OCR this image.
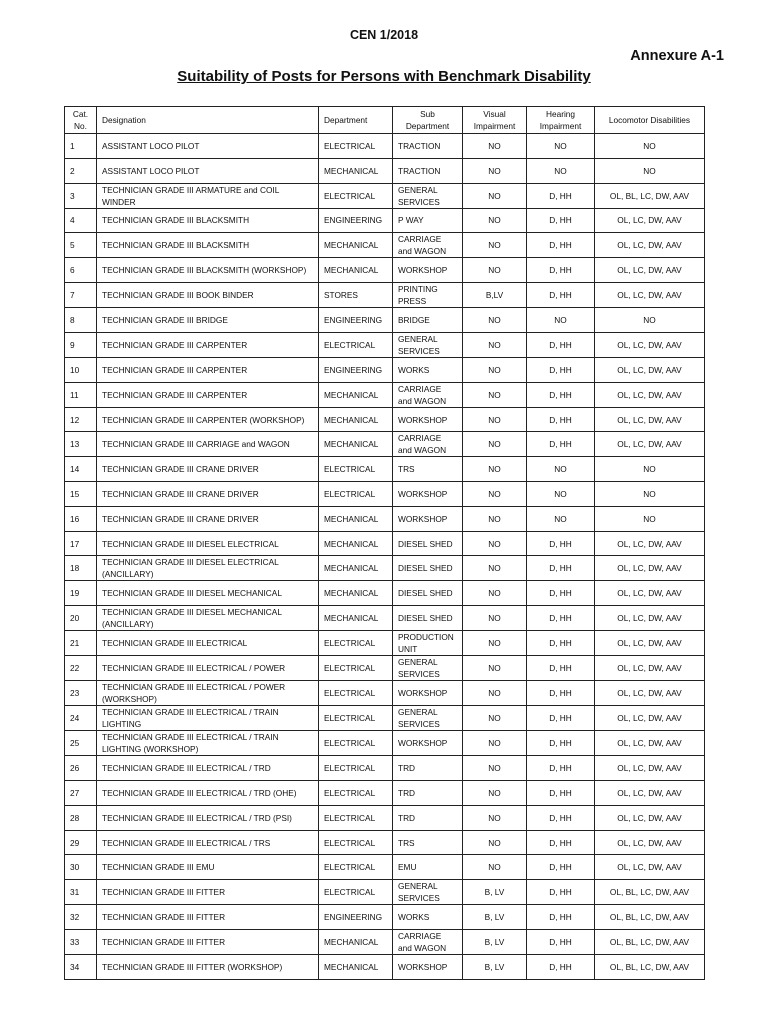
CEN 1/2018
Annexure A-1
Suitability of Posts for Persons with Benchmark Disability
Cat. No.	Designation	Department	Sub Department	Visual Impairment	Hearing Impairment	Locomotor Disabilities
1	ASSISTANT LOCO PILOT	ELECTRICAL	TRACTION	NO	NO	NO
2	ASSISTANT LOCO PILOT	MECHANICAL	TRACTION	NO	NO	NO
3	TECHNICIAN GRADE III ARMATURE and COIL WINDER	ELECTRICAL	GENERAL SERVICES	NO	D, HH	OL, BL, LC, DW, AAV
4	TECHNICIAN GRADE III BLACKSMITH	ENGINEERING	P WAY	NO	D, HH	OL, LC, DW, AAV
5	TECHNICIAN GRADE III BLACKSMITH	MECHANICAL	CARRIAGE and WAGON	NO	D, HH	OL, LC, DW, AAV
6	TECHNICIAN GRADE III BLACKSMITH (WORKSHOP)	MECHANICAL	WORKSHOP	NO	D, HH	OL, LC, DW, AAV
7	TECHNICIAN GRADE III BOOK BINDER	STORES	PRINTING PRESS	B,LV	D, HH	OL, LC, DW, AAV
8	TECHNICIAN GRADE III BRIDGE	ENGINEERING	BRIDGE	NO	NO	NO
9	TECHNICIAN GRADE III CARPENTER	ELECTRICAL	GENERAL SERVICES	NO	D, HH	OL, LC, DW, AAV
10	TECHNICIAN GRADE III CARPENTER	ENGINEERING	WORKS	NO	D, HH	OL, LC, DW, AAV
11	TECHNICIAN GRADE III CARPENTER	MECHANICAL	CARRIAGE and WAGON	NO	D, HH	OL, LC, DW, AAV
12	TECHNICIAN GRADE III CARPENTER (WORKSHOP)	MECHANICAL	WORKSHOP	NO	D, HH	OL, LC, DW, AAV
13	TECHNICIAN GRADE III CARRIAGE and WAGON	MECHANICAL	CARRIAGE and WAGON	NO	D, HH	OL, LC, DW, AAV
14	TECHNICIAN GRADE III CRANE DRIVER	ELECTRICAL	TRS	NO	NO	NO
15	TECHNICIAN GRADE III CRANE DRIVER	ELECTRICAL	WORKSHOP	NO	NO	NO
16	TECHNICIAN GRADE III CRANE DRIVER	MECHANICAL	WORKSHOP	NO	NO	NO
17	TECHNICIAN GRADE III DIESEL ELECTRICAL	MECHANICAL	DIESEL SHED	NO	D, HH	OL, LC, DW, AAV
18	TECHNICIAN GRADE III DIESEL ELECTRICAL (ANCILLARY)	MECHANICAL	DIESEL SHED	NO	D, HH	OL, LC, DW, AAV
19	TECHNICIAN GRADE III DIESEL MECHANICAL	MECHANICAL	DIESEL SHED	NO	D, HH	OL, LC, DW, AAV
20	TECHNICIAN GRADE III DIESEL MECHANICAL (ANCILLARY)	MECHANICAL	DIESEL SHED	NO	D, HH	OL, LC, DW, AAV
21	TECHNICIAN GRADE III ELECTRICAL	ELECTRICAL	PRODUCTION UNIT	NO	D, HH	OL, LC, DW, AAV
22	TECHNICIAN GRADE III ELECTRICAL / POWER	ELECTRICAL	GENERAL SERVICES	NO	D, HH	OL, LC, DW, AAV
23	TECHNICIAN GRADE III ELECTRICAL / POWER (WORKSHOP)	ELECTRICAL	WORKSHOP	NO	D, HH	OL, LC, DW, AAV
24	TECHNICIAN GRADE III ELECTRICAL / TRAIN LIGHTING	ELECTRICAL	GENERAL SERVICES	NO	D, HH	OL, LC, DW, AAV
25	TECHNICIAN GRADE III ELECTRICAL / TRAIN LIGHTING (WORKSHOP)	ELECTRICAL	WORKSHOP	NO	D, HH	OL, LC, DW, AAV
26	TECHNICIAN GRADE III ELECTRICAL / TRD	ELECTRICAL	TRD	NO	D, HH	OL, LC, DW, AAV
27	TECHNICIAN GRADE III ELECTRICAL / TRD (OHE)	ELECTRICAL	TRD	NO	D, HH	OL, LC, DW, AAV
28	TECHNICIAN GRADE III ELECTRICAL / TRD (PSI)	ELECTRICAL	TRD	NO	D, HH	OL, LC, DW, AAV
29	TECHNICIAN GRADE III ELECTRICAL / TRS	ELECTRICAL	TRS	NO	D, HH	OL, LC, DW, AAV
30	TECHNICIAN GRADE III EMU	ELECTRICAL	EMU	NO	D, HH	OL, LC, DW, AAV
31	TECHNICIAN GRADE III FITTER	ELECTRICAL	GENERAL SERVICES	B, LV	D, HH	OL, BL, LC, DW, AAV
32	TECHNICIAN GRADE III FITTER	ENGINEERING	WORKS	B, LV	D, HH	OL, BL, LC, DW, AAV
33	TECHNICIAN GRADE III FITTER	MECHANICAL	CARRIAGE and WAGON	B, LV	D, HH	OL, BL, LC, DW, AAV
34	TECHNICIAN GRADE III FITTER (WORKSHOP)	MECHANICAL	WORKSHOP	B, LV	D, HH	OL, BL, LC, DW, AAV
